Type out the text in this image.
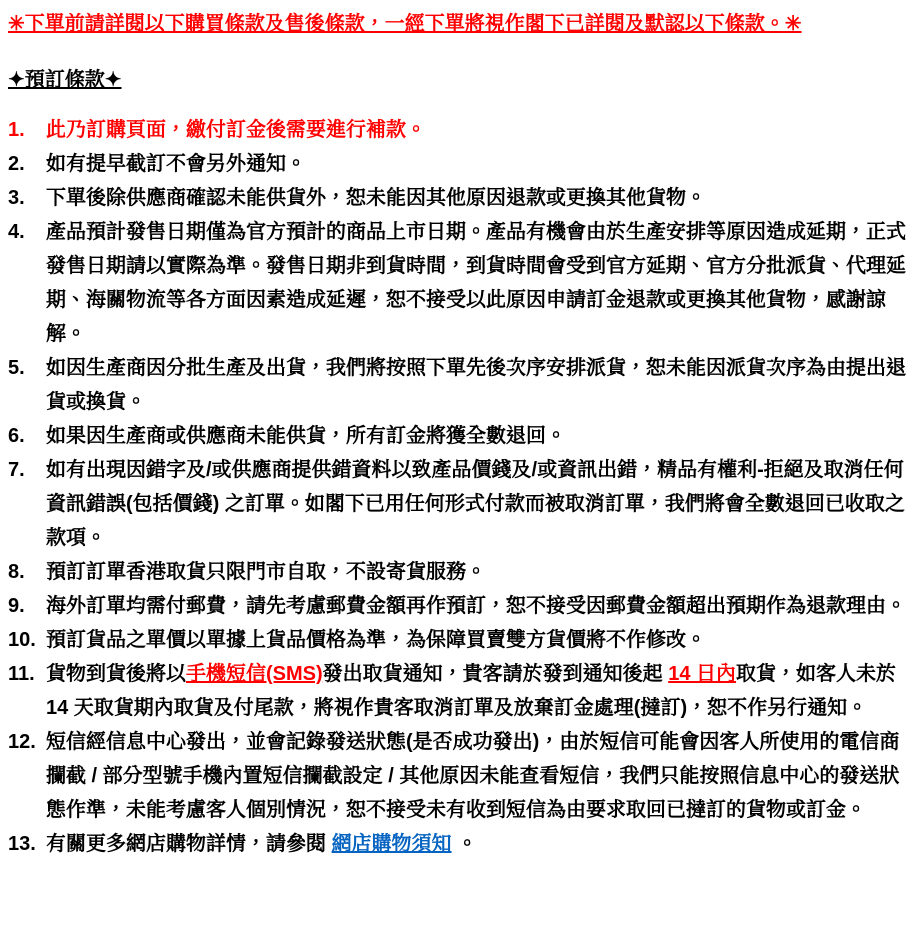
✳下單前請詳閱以下購買條款及售後條款，一經下單將視作閣下已詳閱及默認以下條款。✳

✦預訂條款✦

1.	此乃訂購頁面，繳付訂金後需要進行補款。
2.	如有提早截訂不會另外通知。
3.	下單後除供應商確認未能供貨外，恕未能因其他原因退款或更換其他貨物。
4.	產品預計發售日期僅為官方預計的商品上市日期。產品有機會由於生產安排等原因造成延期，正式發售日期請以實際為準。發售日期非到貨時間，到貨時間會受到官方延期、官方分批派貨、代理延期、海關物流等各方面因素造成延遲，恕不接受以此原因申請訂金退款或更換其他貨物，感謝諒解。
5.	如因生產商因分批生產及出貨，我們將按照下單先後次序安排派貨，恕未能因派貨次序為由提出退貨或換貨。
6.	如果因生產商或供應商未能供貨，所有訂金將獲全數退回。
7.	如有出現因錯字及/或供應商提供錯資料以致產品價錢及/或資訊出錯，精品有權利-拒絕及取消任何資訊錯誤(包括價錢) 之訂單。如閣下已用任何形式付款而被取消訂單，我們將會全數退回已收取之款項。
8.	預訂訂單香港取貨只限門市自取，不設寄貨服務。
9.	海外訂單均需付郵費，請先考慮郵費金額再作預訂，恕不接受因郵費金額超出預期作為退款理由。
10. 預訂貨品之單價以單據上貨品價格為準，為保障買賣雙方貨價將不作修改。
11. 貨物到貨後將以手機短信(SMS)發出取貨通知，貴客請於發到通知後起 14 日內取貨，如客人未於 14 天取貨期內取貨及付尾款，將視作貴客取消訂單及放棄訂金處理(撻訂)，恕不作另行通知。
12. 短信經信息中心發出，並會記錄發送狀態(是否成功發出)，由於短信可能會因客人所使用的電信商攔截 / 部分型號手機內置短信攔截設定 / 其他原因未能查看短信，我們只能按照信息中心的發送狀態作準，未能考慮客人個別情況，恕不接受未有收到短信為由要求取回已撻訂的貨物或訂金。
13. 有關更多網店購物詳情，請參閱 網店購物須知 。
